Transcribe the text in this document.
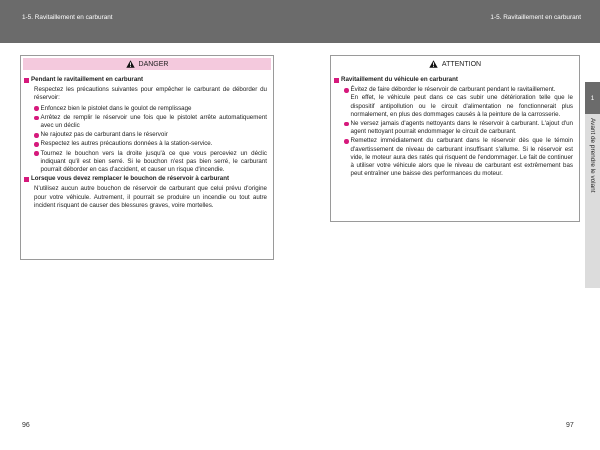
1-5. Ravitaillement en carburant	1-5. Ravitaillement en carburant
DANGER
Pendant le ravitaillement en carburant
Respectez les précautions suivantes pour empêcher le carburant de déborder du réservoir:
Enfoncez bien le pistolet dans le goulot de remplissage
Arrêtez de remplir le réservoir une fois que le pistolet arrête automatiquement avec un déclic
Ne rajoutez pas de carburant dans le réservoir
Respectez les autres précautions données à la station-service.
Tournez le bouchon vers la droite jusqu'à ce que vous perceviez un déclic indiquant qu'il est bien serré. Si le bouchon n'est pas bien serré, le carburant pourrait déborder en cas d'accident, et causer un risque d'incendie.
Lorsque vous devez remplacer le bouchon de réservoir à carburant
N'utilisez aucun autre bouchon de réservoir de carburant que celui prévu d'origine pour votre véhicule. Autrement, il pourrait se produire un incendie ou tout autre incident risquant de causer des blessures graves, voire mortelles.
ATTENTION
Ravitaillement du véhicule en carburant
Évitez de faire déborder le réservoir de carburant pendant le ravitaillement.
En effet, le véhicule peut dans ce cas subir une détérioration telle que le dispositif antipollution ou le circuit d'alimentation ne fonctionnerait plus normalement, en plus des dommages causés à la peinture de la carrosserie.
Ne versez jamais d'agents nettoyants dans le réservoir à carburant. L'ajout d'un agent nettoyant pourrait endommager le circuit de carburant.
Remettez immédiatement du carburant dans le réservoir dès que le témoin d'avertissement de niveau de carburant insuffisant s'allume. Si le réservoir est vide, le moteur aura des ratés qui risquent de l'endommager. Le fait de continuer à utiliser votre véhicule alors que le niveau de carburant est extrêmement bas peut entraîner une baisse des performances du moteur.
1
Avant de prendre le volant
96	97
